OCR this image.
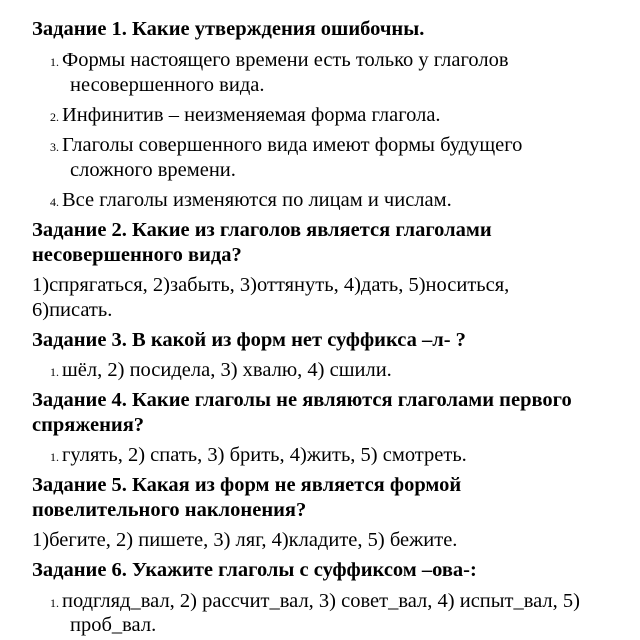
Задание 1. Какие утверждения ошибочны.
1. Формы настоящего времени есть только у глаголов
несовершенного вида.
2. Инфинитив – неизменяемая форма глагола.
3. Глаголы совершенного вида имеют формы будущего
сложного времени.
4. Все глаголы изменяются по лицам и числам.
Задание 2. Какие из глаголов является глаголами
несовершенного вида?
1)спрягаться, 2)забыть, 3)оттянуть, 4)дать, 5)носиться,
6)писать.
Задание 3. В какой из форм нет суффикса –л- ?
1. шёл, 2) посидела, 3) хвалю, 4) сшили.
Задание 4. Какие глаголы не являются глаголами первого
спряжения?
1. гулять, 2) спать, 3) брить, 4)жить, 5) смотреть.
Задание 5. Какая из форм не является формой
повелительного наклонения?
1)бегите, 2) пишете, 3) ляг, 4)кладите, 5) бежите.
Задание 6. Укажите глаголы с суффиксом –ова-:
1. подгляд_вал, 2) рассчит_вал, 3) совет_вал, 4) испыт_вал, 5)
проб_вал.
